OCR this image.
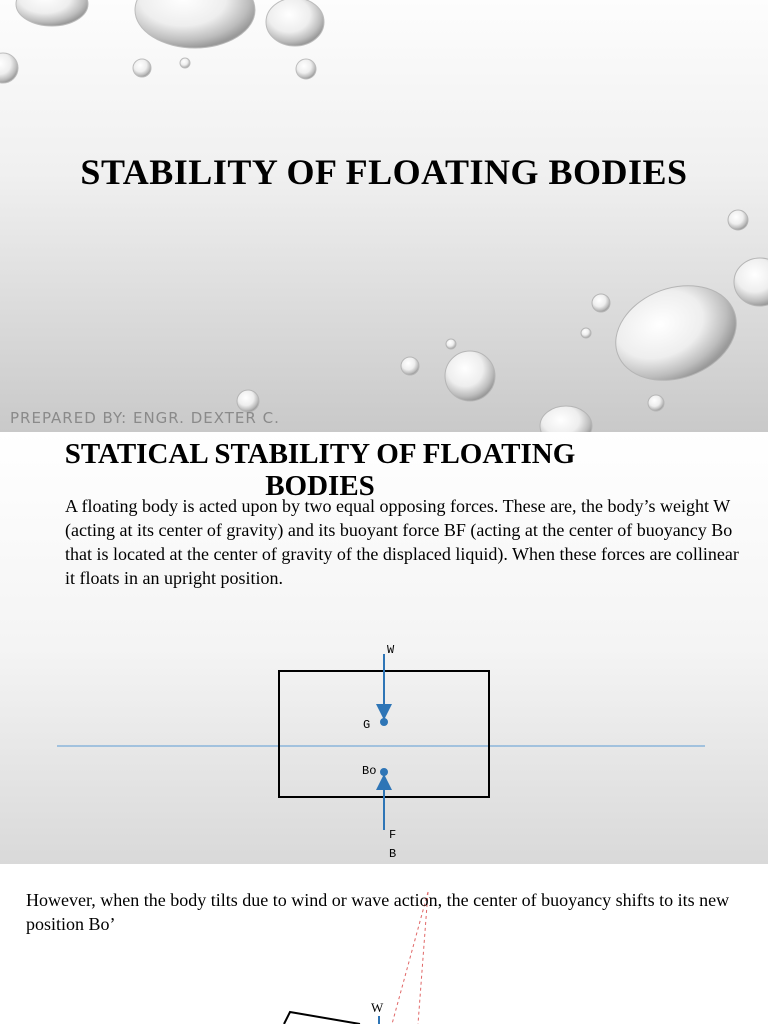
STABILITY OF FLOATING BODIES
PREPARED BY: ENGR. DEXTER C.
W
G
Bo
F
B
STATICAL STABILITY OF FLOATING BODIES
A floating body is acted upon by two equal opposing forces. These are, the body’s weight W (acting at its center of gravity) and its buoyant force BF (acting at the center of buoyancy Bo that is located at the center of gravity of the displaced liquid). When these forces are collinear it floats in an upright position.
W
However, when the body tilts due to wind or wave action, the center of buoyancy shifts to its new position Bo’
